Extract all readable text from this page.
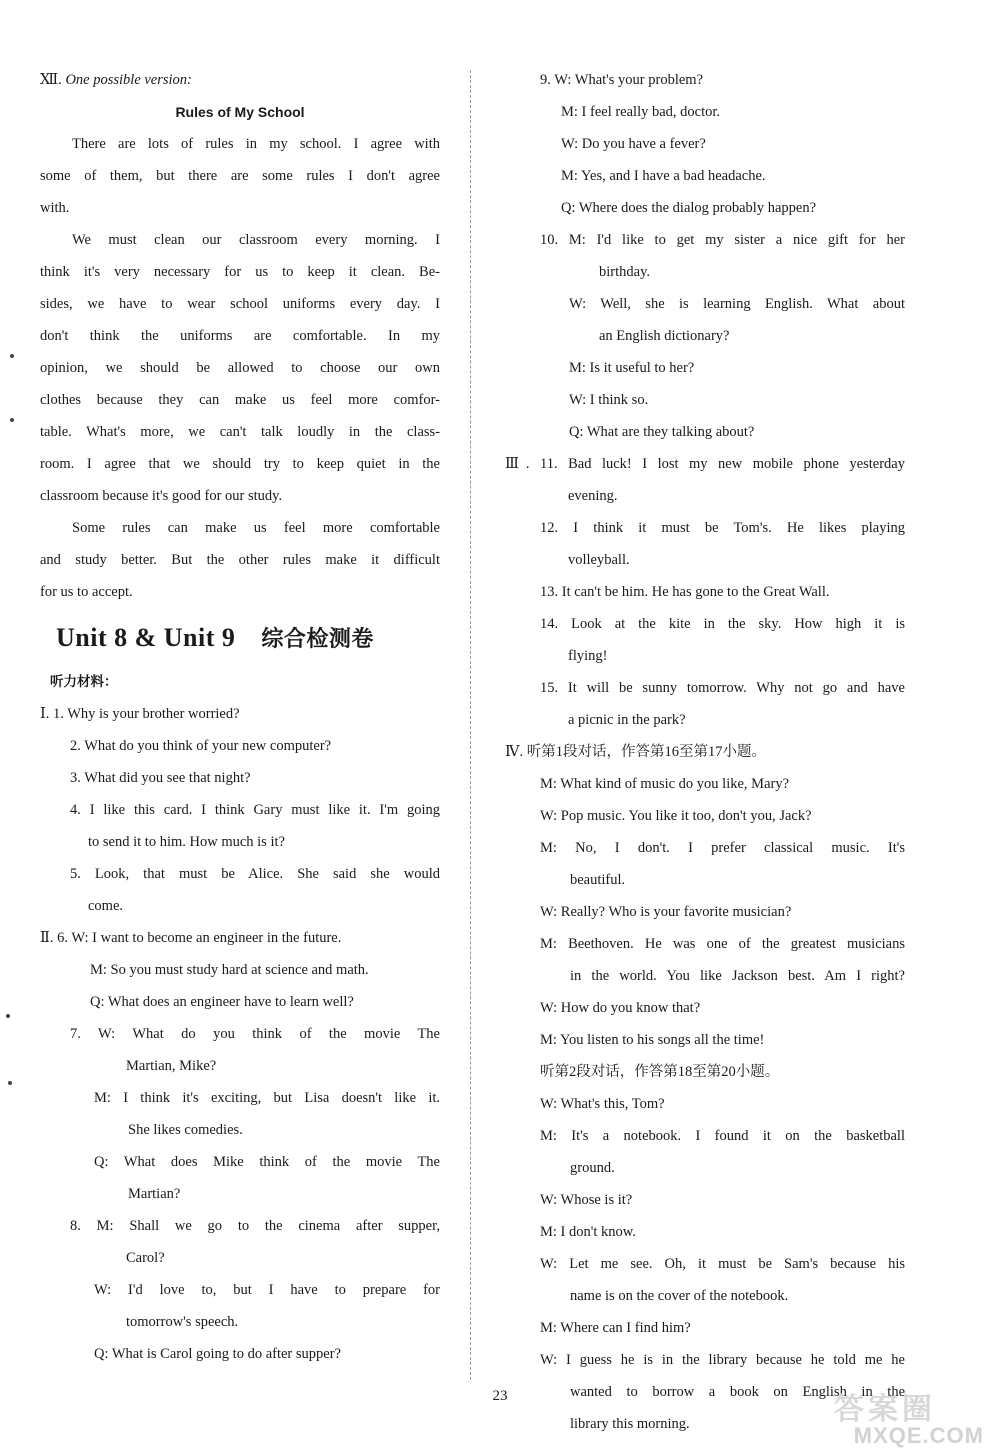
Ⅻ. One possible version:
Rules of My School
There are lots of rules in my school. I agree with
some of them, but there are some rules I don't agree
with.
We must clean our classroom every morning. I
think it's very necessary for us to keep it clean. Be-
sides, we have to wear school uniforms every day. I
don't think the uniforms are comfortable. In my
opinion, we should be allowed to choose our own
clothes because they can make us feel more comfor-
table. What's more, we can't talk loudly in the class-
room. I agree that we should try to keep quiet in the
classroom because it's good for our study.
Some rules can make us feel more comfortable
and study better. But the other rules make it difficult
for us to accept.
Unit 8 & Unit 9 综合检测卷
听力材料：
Ⅰ. 1. Why is your brother worried?
2. What do you think of your new computer?
3. What did you see that night?
4. I like this card. I think Gary must like it. I'm going
to send it to him. How much is it?
5. Look, that must be Alice. She said she would
come.
Ⅱ. 6. W: I want to become an engineer in the future.
M: So you must study hard at science and math.
Q: What does an engineer have to learn well?
7. W: What do you think of the movie The
Martian, Mike?
M: I think it's exciting, but Lisa doesn't like it.
She likes comedies.
Q: What does Mike think of the movie The
Martian?
8. M: Shall we go to the cinema after supper,
Carol?
W: I'd love to, but I have to prepare for
tomorrow's speech.
Q: What is Carol going to do after supper?
9. W: What's your problem?
M: I feel really bad, doctor.
W: Do you have a fever?
M: Yes, and I have a bad headache.
Q: Where does the dialog probably happen?
10. M: I'd like to get my sister a nice gift for her
birthday.
W: Well, she is learning English. What about
an English dictionary?
M: Is it useful to her?
W: I think so.
Q: What are they talking about?
Ⅲ. 11. Bad luck! I lost my new mobile phone yesterday
evening.
12. I think it must be Tom's. He likes playing
volleyball.
13. It can't be him. He has gone to the Great Wall.
14. Look at the kite in the sky. How high it is
flying!
15. It will be sunny tomorrow. Why not go and have
a picnic in the park?
Ⅳ. 听第1段对话，作答第16至第17小题。
M: What kind of music do you like, Mary?
W: Pop music. You like it too, don't you, Jack?
M: No, I don't. I prefer classical music. It's
beautiful.
W: Really? Who is your favorite musician?
M: Beethoven. He was one of the greatest musicians
in the world. You like Jackson best. Am I right?
W: How do you know that?
M: You listen to his songs all the time!
听第2段对话，作答第18至第20小题。
W: What's this, Tom?
M: It's a notebook. I found it on the basketball
ground.
W: Whose is it?
M: I don't know.
W: Let me see. Oh, it must be Sam's because his
name is on the cover of the notebook.
M: Where can I find him?
W: I guess he is in the library because he told me he
wanted to borrow a book on English in the
library this morning.
23	答案圈
MXQE.COM
